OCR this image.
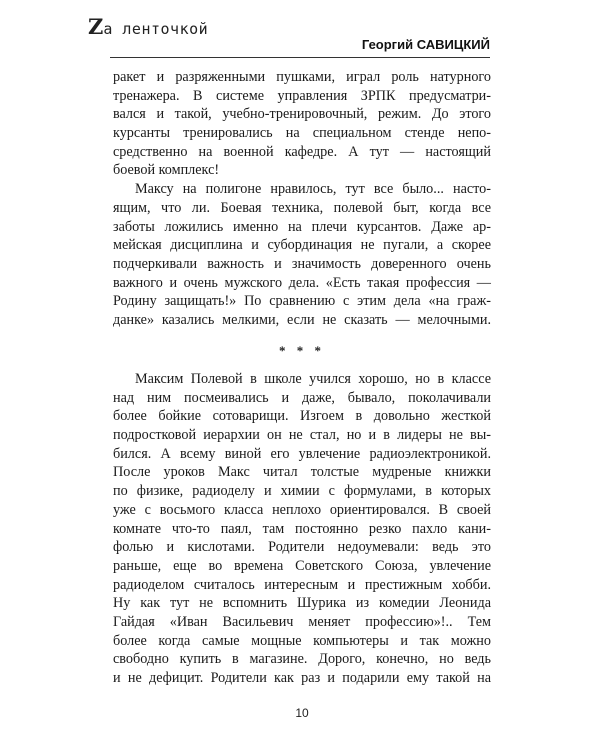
Za ленточкой
Георгий САВИЦКИЙ
ракет и разряженными пушками, играл роль натурного
тренажера. В системе управления ЗРПК предусматри-
вался и такой, учебно-тренировочный, режим. До этого
курсанты тренировались на специальном стенде непо-
средственно на военной кафедре. А тут — настоящий
боевой комплекс!
Максу на полигоне нравилось, тут все было... насто-
ящим, что ли. Боевая техника, полевой быт, когда все
заботы ложились именно на плечи курсантов. Даже ар-
мейская дисциплина и субординация не пугали, а скорее
подчеркивали важность и значимость доверенного очень
важного и очень мужского дела. «Есть такая профессия —
Родину защищать!» По сравнению с этим дела «на граж-
данке» казались мелкими, если не сказать — мелочными.
* * *
Максим Полевой в школе учился хорошо, но в классе
над ним посмеивались и даже, бывало, поколачивали
более бойкие сотоварищи. Изгоем в довольно жесткой
подростковой иерархии он не стал, но и в лидеры не вы-
бился. А всему виной его увлечение радиоэлектроникой.
После уроков Макс читал толстые мудреные книжки
по физике, радиоделу и химии с формулами, в которых
уже с восьмого класса неплохо ориентировался. В своей
комнате что-то паял, там постоянно резко пахло кани-
фолью и кислотами. Родители недоумевали: ведь это
раньше, еще во времена Советского Союза, увлечение
радиоделом считалось интересным и престижным хобби.
Ну как тут не вспомнить Шурика из комедии Леонида
Гайдая «Иван Васильевич меняет профессию»!.. Тем
более когда самые мощные компьютеры и так можно
свободно купить в магазине. Дорого, конечно, но ведь
и не дефицит. Родители как раз и подарили ему такой на
10
